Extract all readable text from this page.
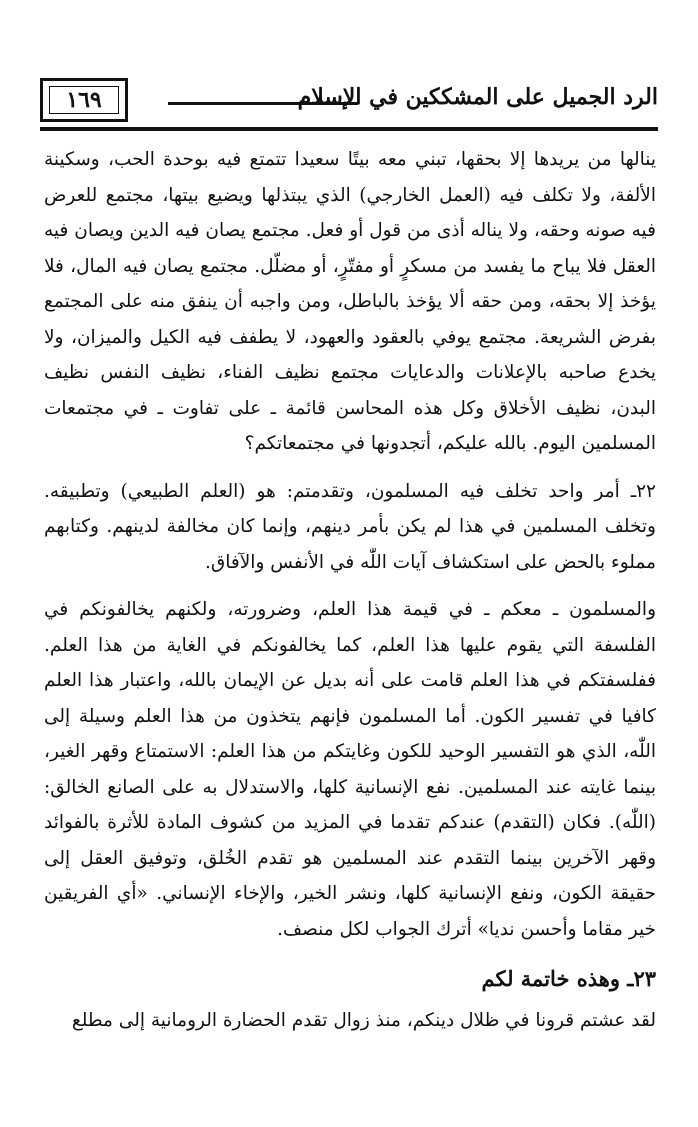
١٦٩	الرد الجميل على المشككين في الإسلام

ينالها من يريدها إلا بحقها، تبني معه بيتًا سعيدا تتمتع فيه بوحدة الحب، وسكينة الألفة، ولا تكلف فيه (العمل الخارجي) الذي يبتذلها ويضيع بيتها، مجتمع للعرض فيه صونه وحقه، ولا يناله أذى من قول أو فعل. مجتمع يصان فيه الدين ويصان فيه العقل فلا يباح ما يفسد من مسكرٍ أو مفتّرٍ، أو مضلّل. مجتمع يصان فيه المال، فلا يؤخذ إلا بحقه، ومن حقه ألا يؤخذ بالباطل، ومن واجبه أن ينفق منه على المجتمع بفرض الشريعة. مجتمع يوفي بالعقود والعهود، لا يطفف فيه الكيل والميزان، ولا يخدع صاحبه بالإعلانات والدعايات مجتمع نظيف الفناء، نظيف النفس نظيف البدن، نظيف الأخلاق وكل هذه المحاسن قائمة ـ على تفاوت ـ في مجتمعات المسلمين اليوم. بالله عليكم، أتجدونها في مجتمعاتكم؟

٢٢ـ أمر واحد تخلف فيه المسلمون، وتقدمتم: هو (العلم الطبيعي) وتطبيقه. وتخلف المسلمين في هذا لم يكن بأمر دينهم، وإنما كان مخالفة لدينهم. وكتابهم مملوء بالحض على استكشاف آيات اللّٰه في الأنفس والآفاق.

والمسلمون ـ معكم ـ في قيمة هذا العلم، وضرورته، ولكنهم يخالفونكم في الفلسفة التي يقوم عليها هذا العلم، كما يخالفونكم في الغاية من هذا العلم. ففلسفتكم في هذا العلم قامت على أنه بديل عن الإيمان بالله، واعتبار هذا العلم كافيا في تفسير الكون. أما المسلمون فإنهم يتخذون من هذا العلم وسيلة إلى اللّٰه، الذي هو التفسير الوحيد للكون وغايتكم من هذا العلم: الاستمتاع وقهر الغير، بينما غايته عند المسلمين. نفع الإنسانية كلها، والاستدلال به على الصانع الخالق: (اللّٰه). فكان (التقدم) عندكم تقدما في المزيد من كشوف المادة للأثرة بالفوائد وقهر الآخرين بينما التقدم عند المسلمين هو تقدم الخُلق، وتوفيق العقل إلى حقيقة الكون، ونفع الإنسانية كلها، ونشر الخير، والإخاء الإنساني. «أي الفريقين خير مقاما وأحسن نديا» أترك الجواب لكل منصف.

٢٣ـ وهذه خاتمة لكم

لقد عشتم قرونا في ظلال دينكم، منذ زوال تقدم الحضارة الرومانية إلى مطلع
